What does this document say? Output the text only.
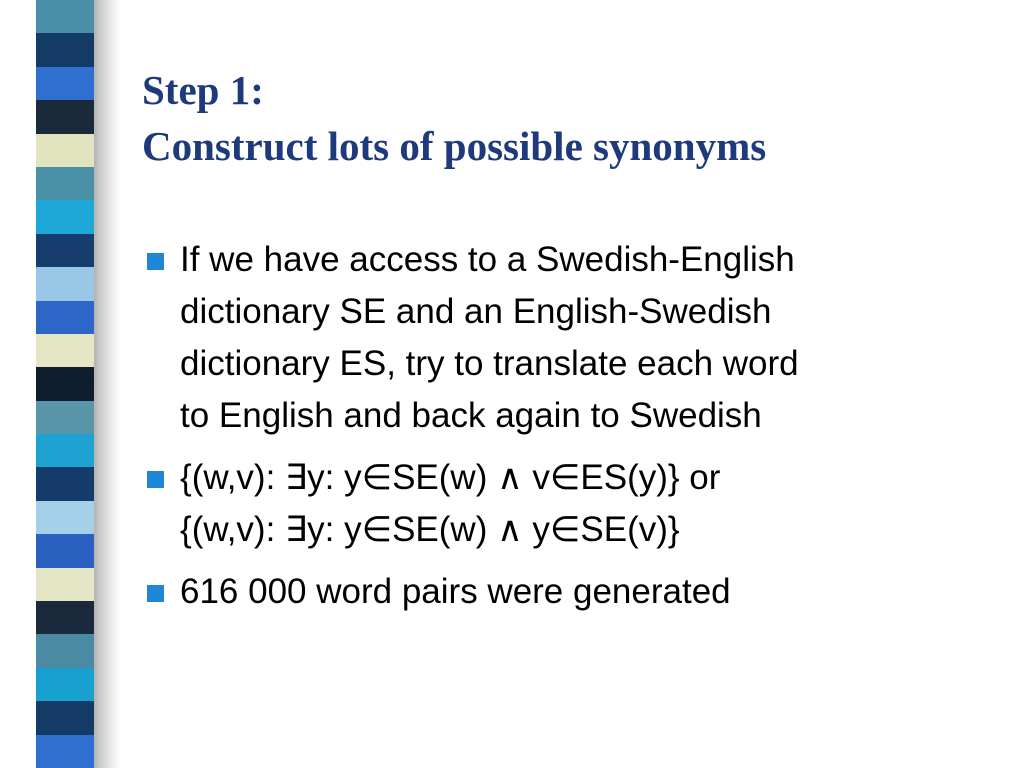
Step 1:
Construct lots of possible synonyms
If we have access to a Swedish-English
dictionary SE and an English-Swedish
dictionary ES, try to translate each word
to English and back again to Swedish
{(w,v): ∃y: y∈SE(w) ∧ v∈ES(y)} or
{(w,v): ∃y: y∈SE(w) ∧ y∈SE(v)}
616 000 word pairs were generated
